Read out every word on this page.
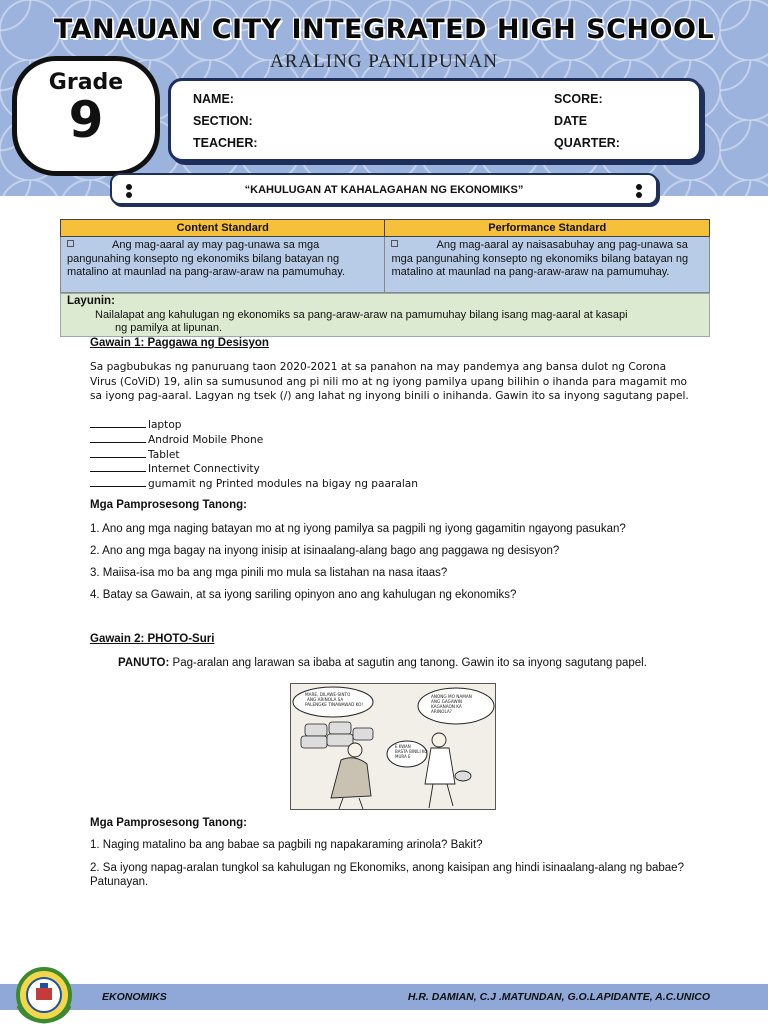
TANAUAN CITY INTEGRATED HIGH SCHOOL
ARALING PANLIPUNAN
Grade
9	NAME:
SECTION:
TEACHER:
SCORE:
DATE
QUARTER:
“KAHULUGAN AT KAHALAGAHAN NG EKONOMIKS”
Content Standard	Performance Standard
Ang mag-aaral ay may pag-unawa sa mga pangunahing konsepto ng ekonomiks bilang batayan ng matalino at maunlad na pang-araw-araw na pamumuhay.	Ang mag-aaral ay naisasabuhay ang pag-unawa sa mga pangunahing konsepto ng ekonomiks bilang batayan ng matalino at maunlad na pang-araw-araw na pamumuhay.
Layunin:
Nailalapat ang kahulugan ng ekonomiks sa pang-araw-araw na pamumuhay bilang isang mag-aaral at kasapi
ng pamilya at lipunan.
Gawain 1: Paggawa ng Desisyon
Sa pagbubukas ng panuruang taon 2020-2021 at sa panahon na may pandemya ang bansa dulot ng Corona Virus (CoViD) 19, alin sa sumusunod ang pi nili mo at ng iyong pamilya upang bilihin o ihanda para magamit mo sa iyong pag-aaral. Lagyan ng tsek (/) ang lahat ng inyong binili o inihanda. Gawin ito sa inyong sagutang papel.
laptop
Android Mobile Phone
Tablet
Internet Connectivity
gumamit ng Printed modules na bigay ng paaralan
Mga Pamprosesong Tanong:
1. Ano ang mga naging batayan mo at ng iyong pamilya sa pagpili ng iyong gagamitin ngayong pasukan?
2. Ano ang mga bagay na inyong inisip at isinaalang-alang bago ang paggawa ng desisyon?
3. Maiisa-isa mo ba ang mga pinili mo mula sa listahan na nasa itaas?
4. Batay sa Gawain, at sa iyong sariling opinyon ano ang kahulugan ng ekonomiks?
Gawain 2: PHOTO-Suri
PANUTO: Pag-aralan ang larawan sa ibaba at sagutin ang tanong. Gawin ito sa inyong sagutang papel.
MARE, DILAWE-SINTO ANG ARINOLA SA PALENGKE TINAWAWAD KO!
ANONG MO NAMAN ANG GAGAWIN KAGANAON KA ARINOLA?
E KWAN BASTA BINILI KO MURA E
Mga Pamprosesong Tanong:
1. Naging matalino ba ang babae sa pagbili ng napakaraming arinola? Bakit?
2. Sa iyong napag-aralan tungkol sa kahulugan ng Ekonomiks, anong kaisipan ang hindi isinaalang-alang ng babae? Patunayan.
EKONOMIKS	H.R. DAMIAN, C.J .MATUNDAN, G.O.LAPIDANTE, A.C.UNICO
